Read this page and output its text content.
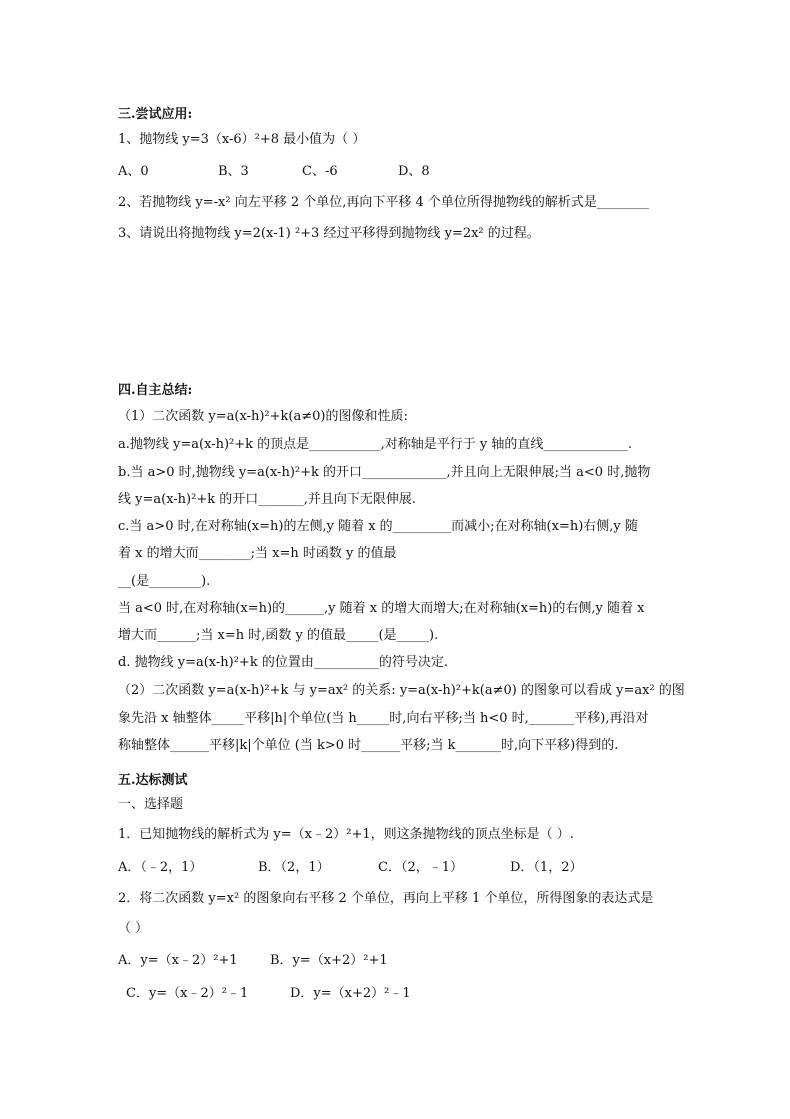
三.尝试应用:
1、抛物线 y=3（x-6）²+8 最小值为（ ）
A、0	B、3	C、-6	D、8
2、若抛物线 y=-x² 向左平移 2 个单位,再向下平移 4 个单位所得抛物线的解析式是________
3、请说出将抛物线 y=2(x-1) ²+3 经过平移得到抛物线 y=2x² 的过程。
四.自主总结:
（1）二次函数 y=a(x-h)²+k(a≠0)的图像和性质:
a.抛物线 y=a(x-h)²+k 的顶点是___________,对称轴是平行于 y 轴的直线_____________.
b.当 a>0 时,抛物线 y=a(x-h)²+k 的开口_____________,并且向上无限伸展;当 a<0 时,抛物
线 y=a(x-h)²+k 的开口_______,并且向下无限伸展.
c.当 a>0 时,在对称轴(x=h)的左侧,y 随着 x 的_________而减小;在对称轴(x=h)右侧,y 随
着 x 的增大而________;当 x=h 时函数 y 的值最
__(是________).
当 a<0 时,在对称轴(x=h)的______,y 随着 x 的增大而增大;在对称轴(x=h)的右侧,y 随着 x
增大而______;当 x=h 时,函数 y 的值最_____(是_____).
d. 抛物线 y=a(x-h)²+k 的位置由__________的符号决定.
（2）二次函数 y=a(x-h)²+k 与 y=ax² 的关系: y=a(x-h)²+k(a≠0) 的图象可以看成 y=ax² 的图
象先沿 x 轴整体_____平移|h|个单位(当 h_____时,向右平移;当 h<0 时,_______平移),再沿对
称轴整体______平移|k|个单位 (当 k>0 时______平移;当 k_______时,向下平移)得到的.
五.达标测试
一、选择题
1．已知抛物线的解析式为 y=（x﹣2）²+1，则这条抛物线的顶点坐标是（ ）.
A．（﹣2，1）	B．（2，1）	C．（2，﹣1）	D．（1，2）
2．将二次函数 y=x² 的图象向右平移 2 个单位，再向上平移 1 个单位，所得图象的表达式是
（ ）
A．y=（x﹣2）²+1 B．y=（x+2）²+1
C．y=（x﹣2）²﹣1	D．y=（x+2）²﹣1
